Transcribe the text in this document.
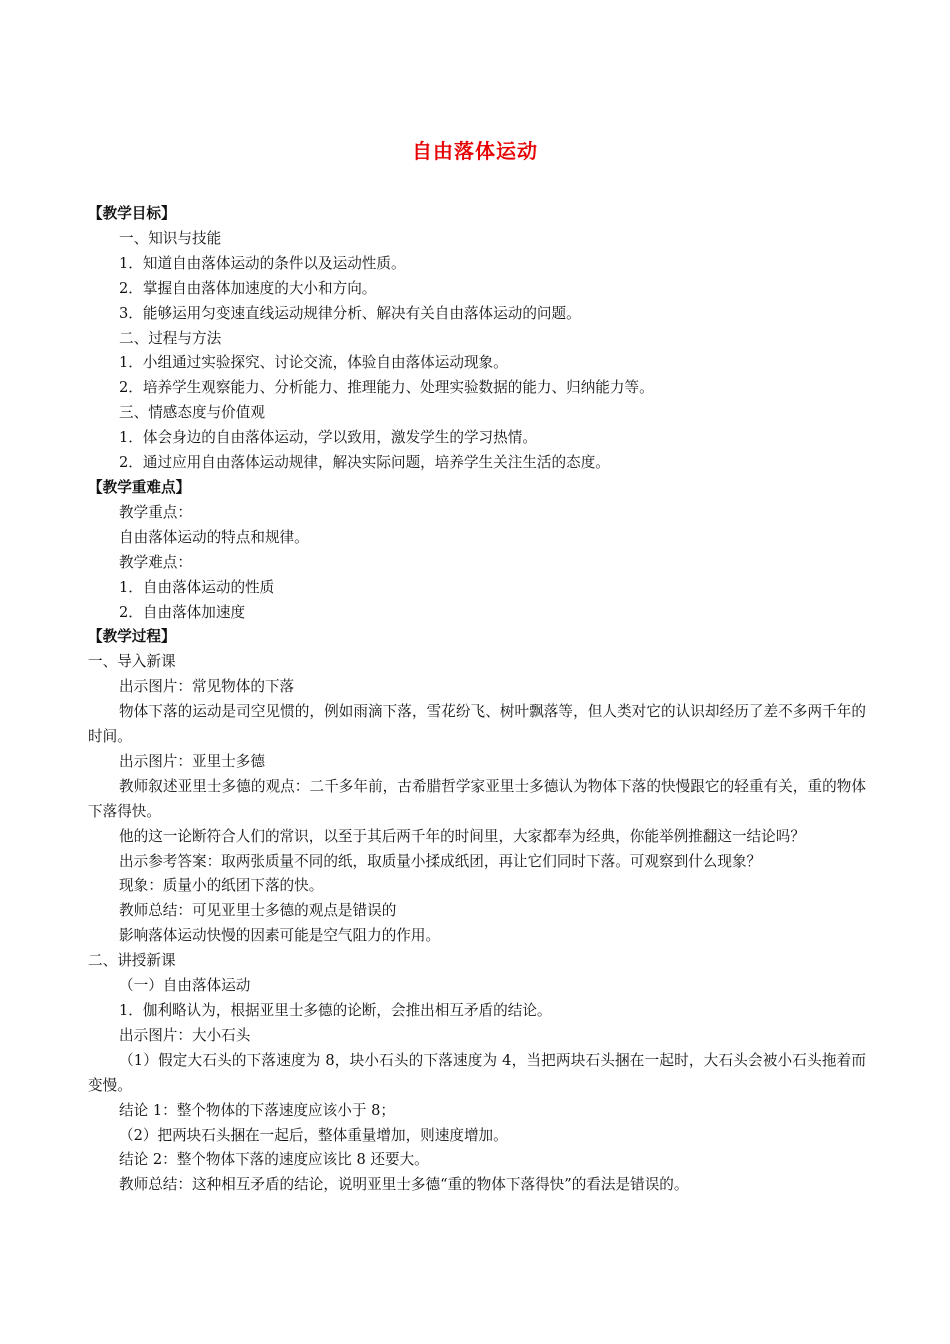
自由落体运动

【教学目标】

一、知识与技能

1．知道自由落体运动的条件以及运动性质。

2．掌握自由落体加速度的大小和方向。

3．能够运用匀变速直线运动规律分析、解决有关自由落体运动的问题。

二、过程与方法

1．小组通过实验探究、讨论交流，体验自由落体运动现象。

2．培养学生观察能力、分析能力、推理能力、处理实验数据的能力、归纳能力等。

三、情感态度与价值观

1．体会身边的自由落体运动，学以致用，激发学生的学习热情。

2．通过应用自由落体运动规律，解决实际问题，培养学生关注生活的态度。

【教学重难点】

教学重点：

自由落体运动的特点和规律。

教学难点：

1．自由落体运动的性质

2．自由落体加速度

【教学过程】

一、导入新课

出示图片：常见物体的下落

物体下落的运动是司空见惯的，例如雨滴下落，雪花纷飞、树叶飘落等，但人类对它的认识却经历了差不多两千年的时间。

出示图片：亚里士多德

教师叙述亚里士多德的观点：二千多年前，古希腊哲学家亚里士多德认为物体下落的快慢跟它的轻重有关，重的物体下落得快。

他的这一论断符合人们的常识，以至于其后两千年的时间里，大家都奉为经典，你能举例推翻这一结论吗？

出示参考答案：取两张质量不同的纸，取质量小揉成纸团，再让它们同时下落。可观察到什么现象？

现象：质量小的纸团下落的快。

教师总结：可见亚里士多德的观点是错误的

影响落体运动快慢的因素可能是空气阻力的作用。

二、讲授新课

（一）自由落体运动

1．伽利略认为，根据亚里士多德的论断，会推出相互矛盾的结论。

出示图片：大小石头

（1）假定大石头的下落速度为 8，块小石头的下落速度为 4，当把两块石头捆在一起时，大石头会被小石头拖着而变慢。

结论 1：整个物体的下落速度应该小于 8；

（2）把两块石头捆在一起后，整体重量增加，则速度增加。

结论 2：整个物体下落的速度应该比 8 还要大。

教师总结：这种相互矛盾的结论，说明亚里士多德“重的物体下落得快”的看法是错误的。
